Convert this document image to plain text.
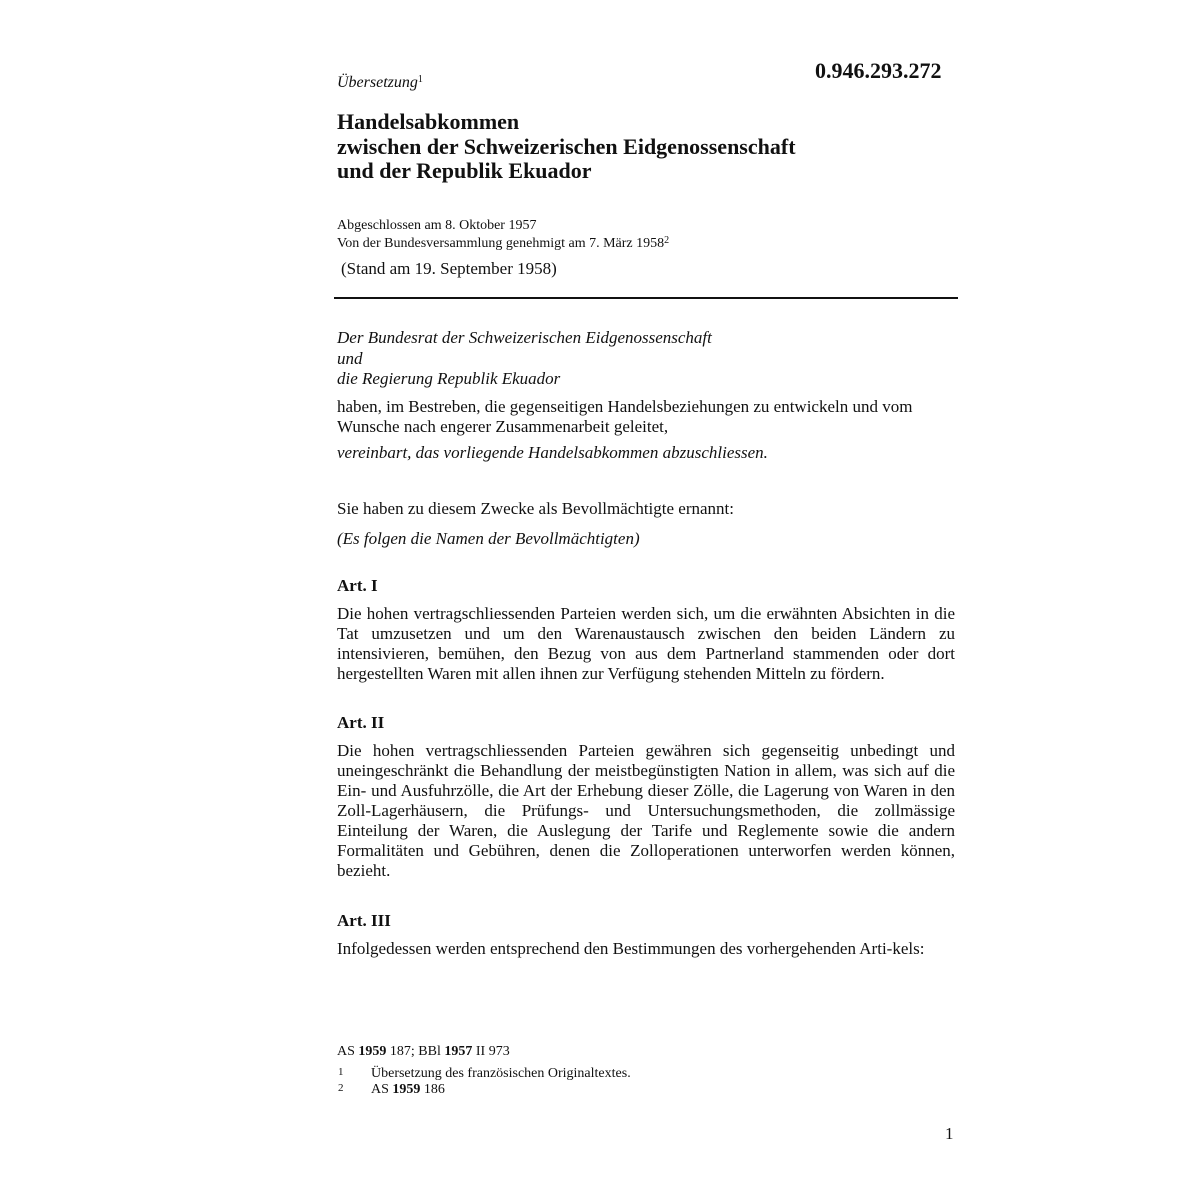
0.946.293.272
Übersetzung$^1$
Handelsabkommen
zwischen der Schweizerischen Eidgenossenschaft
und der Republik Ekuador
Abgeschlossen am 8. Oktober 1957
Von der Bundesversammlung genehmigt am 7. März 1958$^2$
(Stand am 19. September 1958)
Der Bundesrat der Schweizerischen Eidgenossenschaft
und
die Regierung Republik Ekuador
haben, im Bestreben, die gegenseitigen Handelsbeziehungen zu entwickeln und vom Wunsche nach engerer Zusammenarbeit geleitet,
vereinbart, das vorliegende Handelsabkommen abzuschliessen.
Sie haben zu diesem Zwecke als Bevollmächtigte ernannt:
(Es folgen die Namen der Bevollmächtigten)
Art. I
Die hohen vertragschliessenden Parteien werden sich, um die erwähnten Absichten in die Tat umzusetzen und um den Warenaustausch zwischen den beiden Ländern zu intensivieren, bemühen, den Bezug von aus dem Partnerland stammenden oder dort hergestellten Waren mit allen ihnen zur Verfügung stehenden Mitteln zu fördern.
Art. II
Die hohen vertragschliessenden Parteien gewähren sich gegenseitig unbedingt und uneingeschränkt die Behandlung der meistbegünstigten Nation in allem, was sich auf die Ein- und Ausfuhrzölle, die Art der Erhebung dieser Zölle, die Lagerung von Waren in den Zoll-Lagerhäusern, die Prüfungs- und Untersuchungsmethoden, die zollmässige Einteilung der Waren, die Auslegung der Tarife und Reglemente sowie die andern Formalitäten und Gebühren, denen die Zolloperationen unterworfen werden können, bezieht.
Art. III
Infolgedessen werden entsprechend den Bestimmungen des vorhergehenden Arti-kels:
AS 1959 187; BBl 1957 II 973
1 Übersetzung des französischen Originaltextes.
2 AS 1959 186
1
